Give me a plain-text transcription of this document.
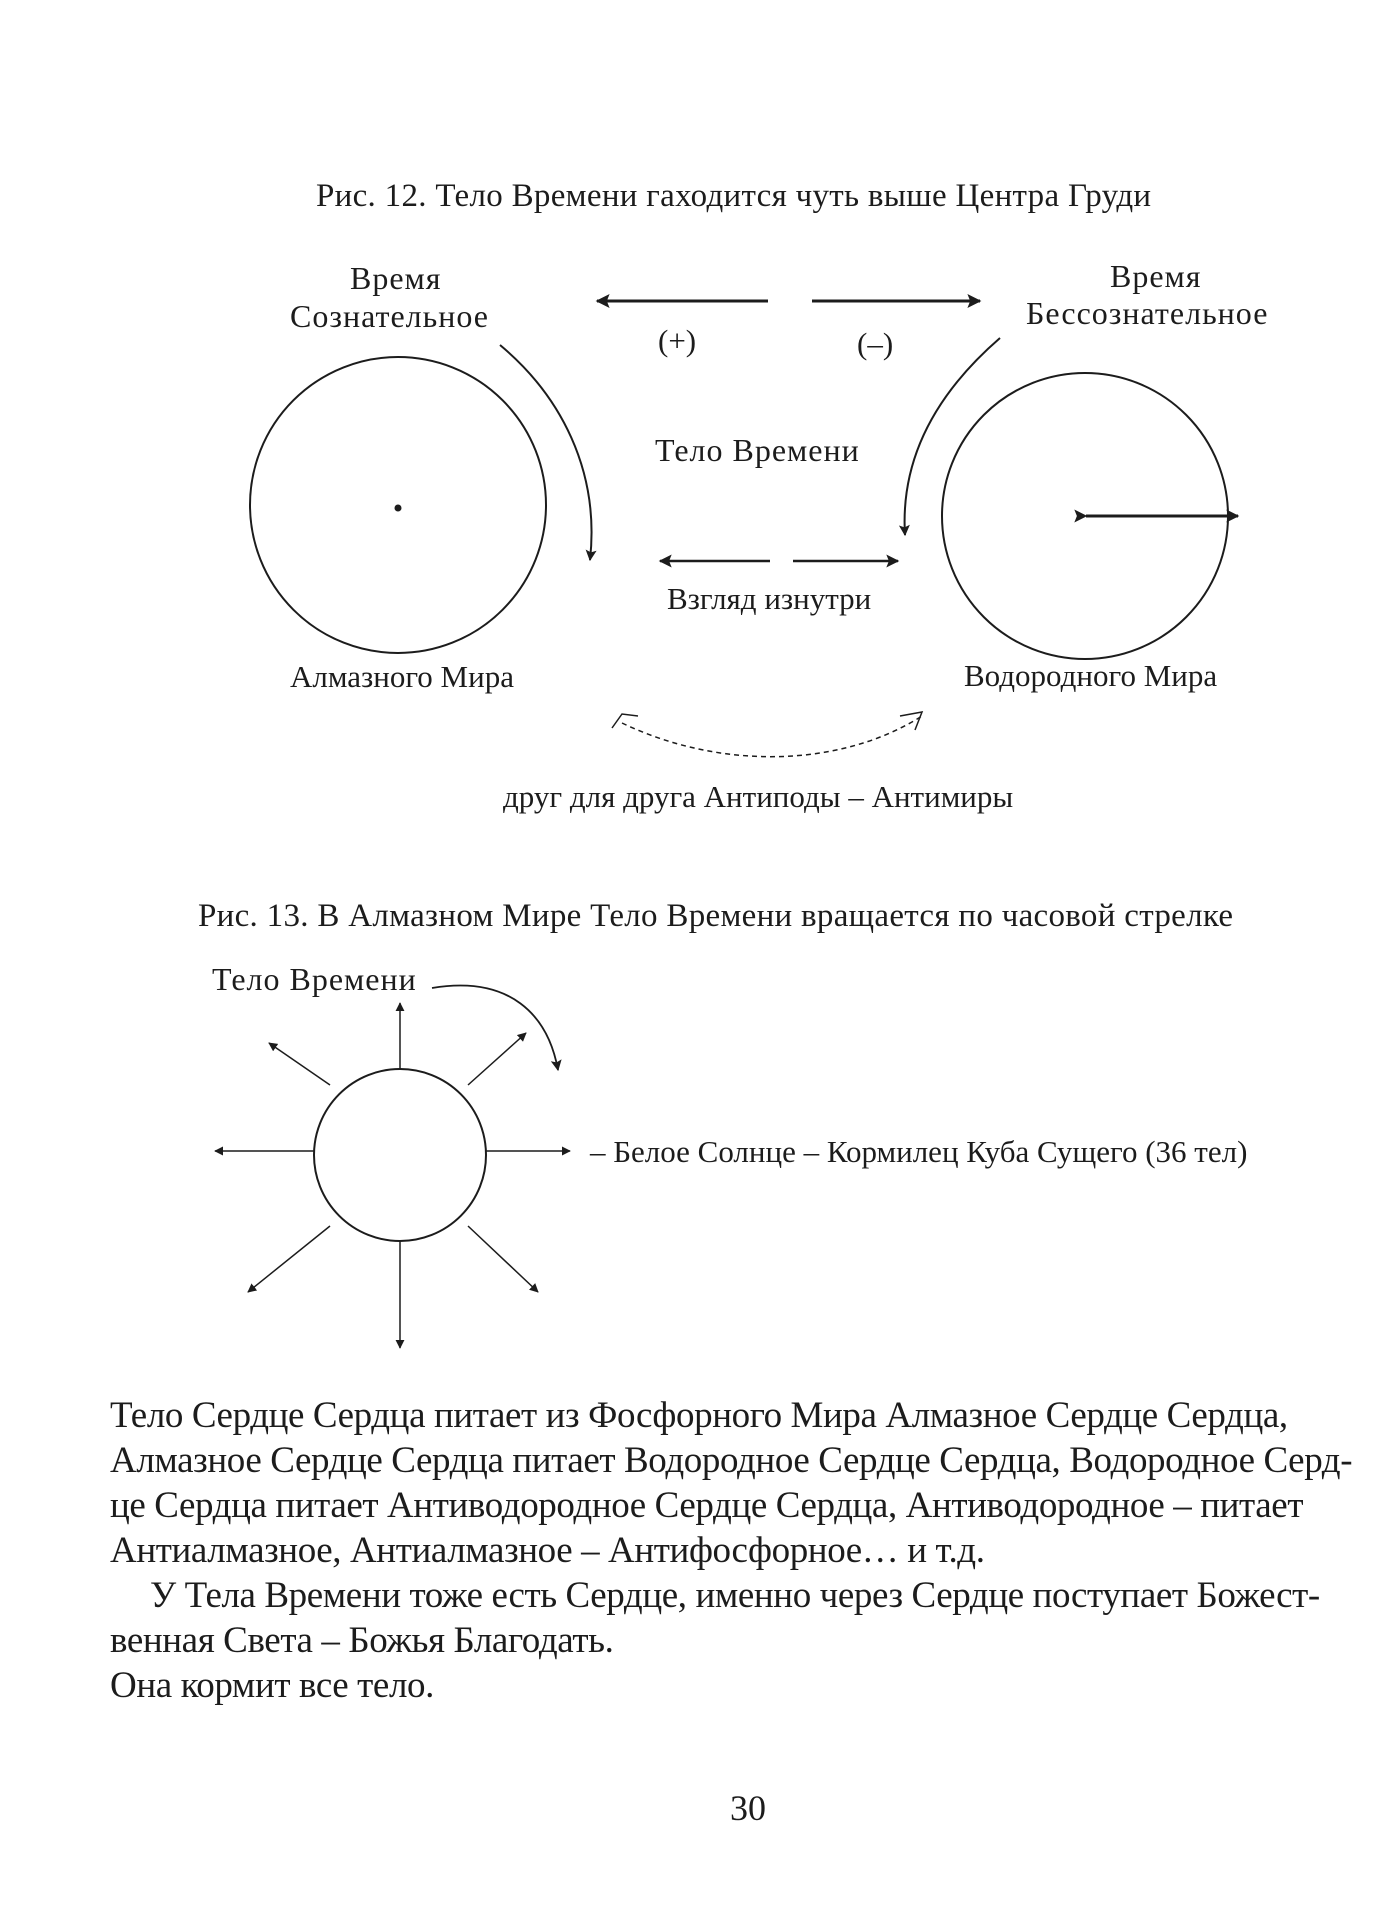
Рис. 12. Тело Времени гаходится чуть выше Центра Груди
Время
Сознательное
Время
Бессознательное
(+)	(–)
Тело Времени
Взгляд изнутри
Алмазного Мира	Водородного Мира
друг для друга Антиподы – Антимиры
Рис. 13. В Алмазном Мире Тело Времени вращается по часовой стрелке
Тело Времени
– Белое Солнце – Кормилец Куба Сущего (36 тел)

Тело Сердце Сердца питает из Фосфорного Мира Алмазное Сердце Сердца,

Алмазное Сердце Сердца питает Водородное Сердце Сердца, Водородное Серд-

це Сердца питает Антиводородное Сердце Сердца, Антиводородное – питает

Антиалмазное, Антиалмазное – Антифосфорное… и т.д.

У Тела Времени тоже есть Сердце, именно через Сердце поступает Божест-

венная Света – Божья Благодать.

Она кормит все тело.

30
